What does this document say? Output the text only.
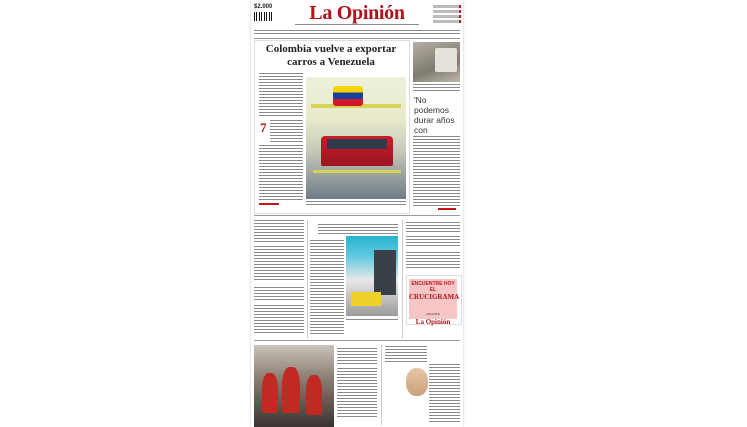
$2.000	La Opinión
Colombia vuelve a exportar carros a Venezuela
7
'No podemos durar años con
ENCUENTRE HOY EL
CRUCIGRAMA
GIGANTE
La Opinión
